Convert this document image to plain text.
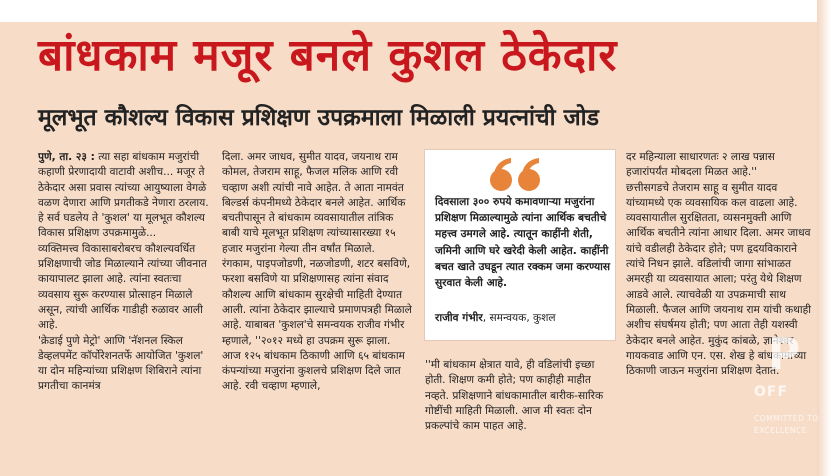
बांधकाम मजूर बनले कुशल ठेकेदार
मूलभूत कौशल्य विकास प्रशिक्षण उपक्रमाला मिळाली प्रयत्नांची जोड

पुणे, ता. २३ : त्या सहा बांधकाम मजुरांची कहाणी प्रेरणादायी वाटावी अशीच... मजूर ते ठेकेदार असा प्रवास त्यांच्या आयुष्याला वेगळे वळण देणारा आणि प्रगतीकडे नेणारा ठरलाय. हे सर्व घडलेय ते 'कुशल' या मूलभूत कौशल्य विकास प्रशिक्षण उपक्रमामुळे...

व्यक्तिमत्त्व विकासाबरोबरच कौशल्यवर्धित प्रशिक्षणाची जोड मिळाल्याने त्यांच्या जीवनात कायापालट झाला आहे. त्यांना स्वतःचा व्यवसाय सुरू करण्यास प्रोत्साहन मिळाले असून, त्यांची आर्थिक गाडीही रुळावर आली आहे.

'क्रेडाई पुणे मेट्रो' आणि 'नॅशनल स्किल डेव्हलपमेंट कॉर्पोरेशनतर्फे आयोजित 'कुशल' या दोन महिन्यांच्या प्रशिक्षण शिबिराने त्यांना प्रगतीचा कानमंत्र

दिला. अमर जाधव, सुमीत यादव, जयनाथ राम कोमल, तेजराम साहू, फैजल मलिक आणि रवी चव्हाण अशी त्यांची नावे आहेत. ते आता नामवंत बिल्डर्स कंपनीमध्ये ठेकेदार बनले आहेत. आर्थिक बचतीपासून ते बांधकाम व्यवसायातील तांत्रिक बाबी याचे मूलभूत प्रशिक्षण त्यांच्यासारख्या १५ हजार मजुरांना गेल्या तीन वर्षांत मिळाले.

रंगकाम, पाइपजोडणी, नळजोडणी, शटर बसविणे, फरशा बसविणे या प्रशिक्षणासह त्यांना संवाद कौशल्य आणि बांधकाम सुरक्षेची माहिती देण्यात आली. त्यांना ठेकेदार झाल्याचे प्रमाणपत्रही मिळाले आहे. याबाबत 'कुशल'चे समन्वयक राजीव गंभीर म्हणाले, ''२०१२ मध्ये हा उपक्रम सुरू झाला. आज १२५ बांधकाम ठिकाणी आणि ६५ बांधकाम कंपन्यांच्या मजुरांना कुशलचे प्रशिक्षण दिले जात आहे. रवी चव्हाण म्हणाले,

दिवसाला ३०० रुपये कमावणाऱ्या मजुरांना प्रशिक्षण मिळाल्यामुळे त्यांना आर्थिक बचतीचे महत्त्व उमगले आहे. त्यातून काहींनी शेती, जमिनी आणि घरे खरेदी केली आहेत. काहींनी बचत खाते उघडून त्यात रक्कम जमा करण्यास सुरवात केली आहे.
राजीव गंभीर, समन्वयक, कुशल

''मी बांधकाम क्षेत्रात यावे, ही वडिलांची इच्छा होती. शिक्षण कमी होते; पण काहीही माहीत नव्हते. प्रशिक्षणाने बांधकामातील बारीक-सारिक गोष्टींची माहिती मिळाली. आज मी स्वतः दोन प्रकल्पांचे काम पाहत आहे.

दर महिन्याला साधारणतः २ लाख पन्नास हजारांपर्यंत मोबदला मिळत आहे.''

छत्तीसगडचे तेजराम साहू व सुमीत यादव यांच्यामध्ये एक व्यवसायिक कल वाढला आहे. व्यवसायातील सुरक्षितता, व्यसनमुक्ती आणि आर्थिक बचतीने त्यांना आधार दिला. अमर जाधव यांचे वडीलही ठेकेदार होते; पण हृदयविकाराने त्यांचे निधन झाले. वडिलांची जागा सांभाळत अमरही या व्यवसायात आला; परंतु येथे शिक्षण आडवे आले. त्याचवेळी या उपक्रमाची साथ मिळाली. फैजल आणि जयनाथ राम यांची कथाही अशीच संघर्षमय होती; पण आता तेही यशस्वी ठेकेदार बनले आहेत. मुकुंद कांबळे, ज्ञानेश्वर गायकवाड आणि एन. एस. शेख हे बांधकामाच्या ठिकाणी जाऊन मजुरांना प्रशिक्षण देतात.

P
OFF
COMMITTED TO
EXCELLENCE
